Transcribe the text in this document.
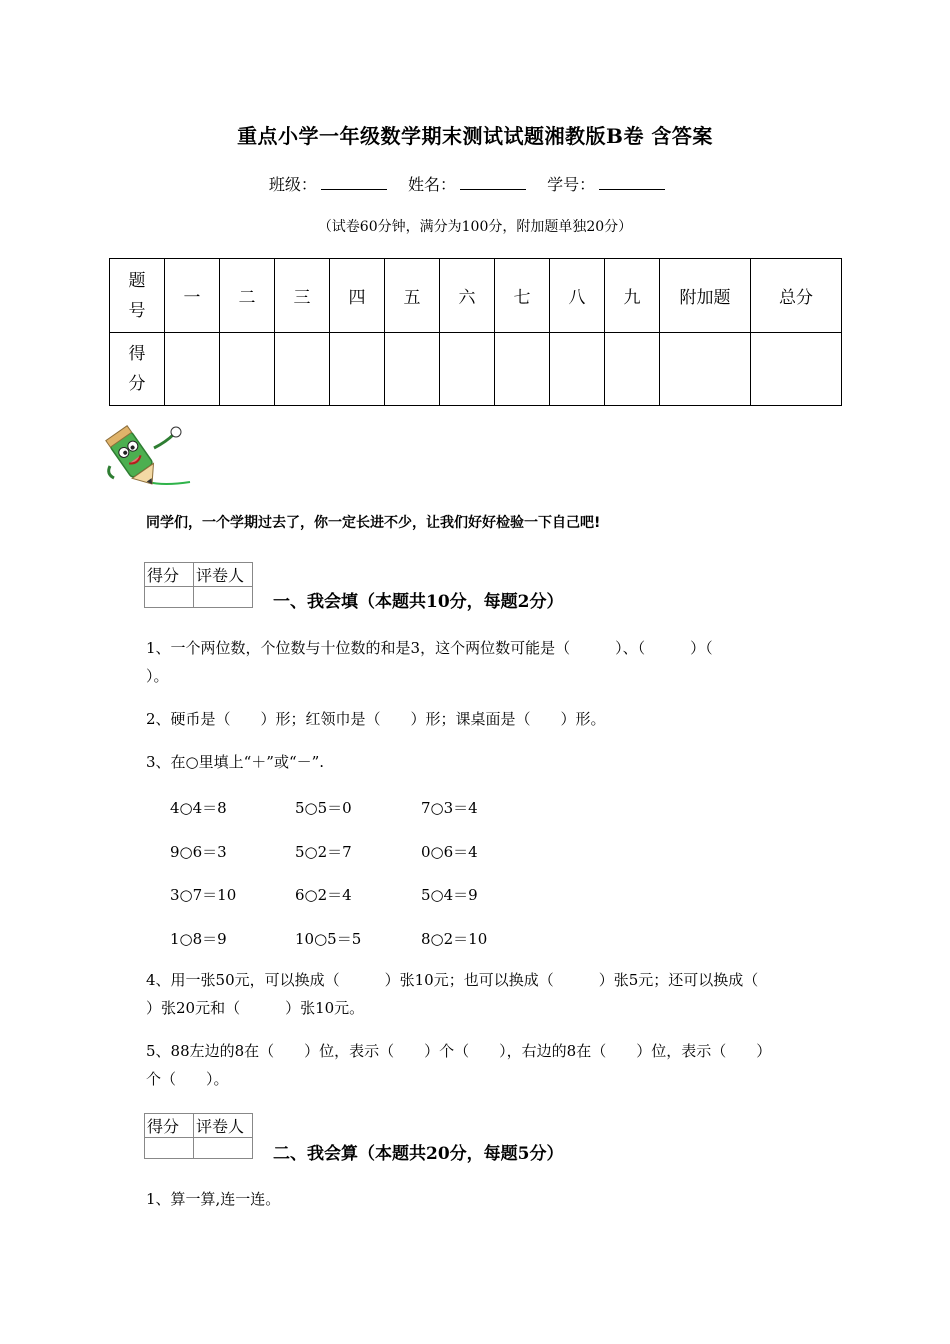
重点小学一年级数学期末测试试题湘教版B卷 含答案
班级：	姓名：	学号：
（试卷60分钟，满分为100分，附加题单独20分）
题号	一	二	三	四	五	六	七	八	九	附加题	总分

得分											

同学们，一个学期过去了，你一定长进不少，让我们好好检验一下自己吧!
得分	评卷人

一、我会填（本题共10分，每题2分）
1、一个两位数，个位数与十位数的和是3，这个两位数可能是（　　　）、（　　　）（
）。
2、硬币是（　　）形；红领巾是（　　）形；课桌面是（　　）形。
3、在○里填上“＋”或“－”.
4○4＝8	5○5＝0	7○3＝4
9○6＝3	5○2＝7	0○6＝4
3○7＝10	6○2＝4	5○4＝9
1○8＝9	10○5＝5	8○2＝10
4、用一张50元，可以换成（　　　）张10元；也可以换成（　　　）张5元；还可以换成（
）张20元和（　　　）张10元。
5、88左边的8在（　　）位，表示（　　）个（　　），右边的8在（　　）位，表示（　　）
个（　　）。
得分	评卷人

二、我会算（本题共20分，每题5分）
1、算一算,连一连。
